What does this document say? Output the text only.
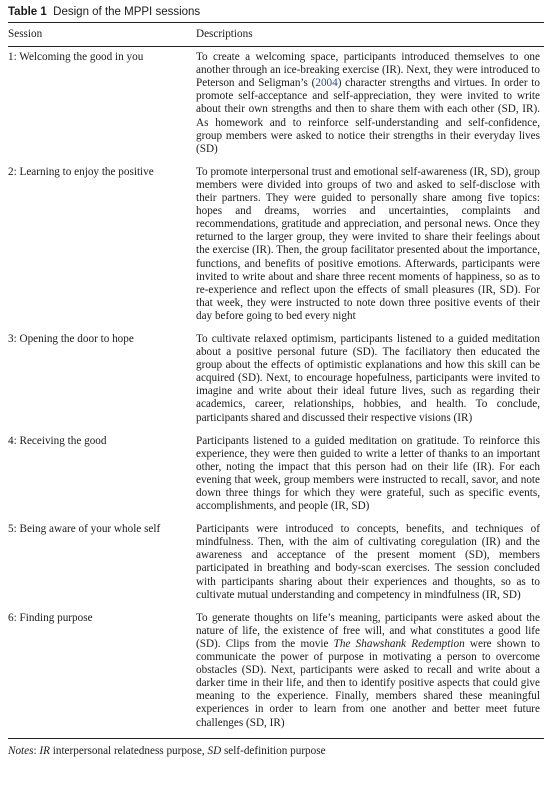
Table 1 Design of the MPPI sessions
Session	Descriptions
1: Welcoming the good in you	To create a welcoming space, participants introduced themselves to one another through an ice-breaking exercise (IR). Next, they were introduced to Peterson and Seligman’s (2004) character strengths and virtues. In order to promote self-acceptance and self-appreciation, they were invited to write about their own strengths and then to share them with each other (SD, IR). As homework and to reinforce self-understanding and self-confidence, group members were asked to notice their strengths in their everyday lives (SD)
2: Learning to enjoy the positive	To promote interpersonal trust and emotional self-awareness (IR, SD), group members were divided into groups of two and asked to self-disclose with their partners. They were guided to personally share among five topics: hopes and dreams, worries and uncertainties, complaints and recommendations, gratitude and appreciation, and personal news. Once they returned to the larger group, they were invited to share their feelings about the exercise (IR). Then, the group facilitator presented about the importance, functions, and benefits of positive emotions. Afterwards, participants were invited to write about and share three recent moments of happiness, so as to re-experience and reflect upon the effects of small pleasures (IR, SD). For that week, they were instructed to note down three positive events of their day before going to bed every night
3: Opening the door to hope	To cultivate relaxed optimism, participants listened to a guided meditation about a positive personal future (SD). The faciliatory then educated the group about the effects of optimistic explanations and how this skill can be acquired (SD). Next, to encourage hopefulness, participants were invited to imagine and write about their ideal future lives, such as regarding their academics, career, relationships, hobbies, and health. To conclude, participants shared and discussed their respective visions (IR)
4: Receiving the good	Participants listened to a guided meditation on gratitude. To reinforce this experience, they were then guided to write a letter of thanks to an important other, noting the impact that this person had on their life (IR). For each evening that week, group members were instructed to recall, savor, and note down three things for which they were grateful, such as specific events, accomplishments, and people (IR, SD)
5: Being aware of your whole self	Participants were introduced to concepts, benefits, and techniques of mindfulness. Then, with the aim of cultivating coregulation (IR) and the awareness and acceptance of the present moment (SD), members participated in breathing and body-scan exercises. The session concluded with participants sharing about their experiences and thoughts, so as to cultivate mutual understanding and competency in mindfulness (IR, SD)
6: Finding purpose	To generate thoughts on life’s meaning, participants were asked about the nature of life, the existence of free will, and what constitutes a good life (SD). Clips from the movie The Shawshank Redemption were shown to communicate the power of purpose in motivating a person to overcome obstacles (SD). Next, participants were asked to recall and write about a darker time in their life, and then to identify positive aspects that could give meaning to the experience. Finally, members shared these meaningful experiences in order to learn from one another and better meet future challenges (SD, IR)
Notes: IR interpersonal relatedness purpose, SD self-definition purpose
